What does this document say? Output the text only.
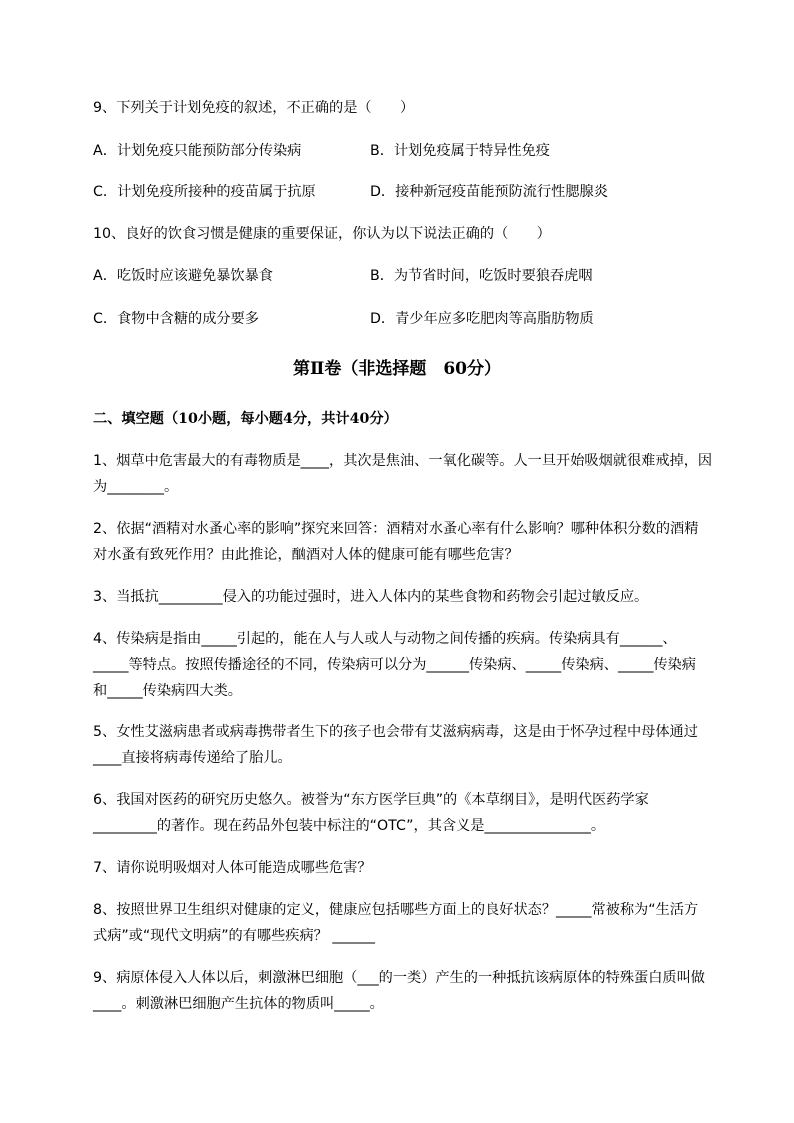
9、下列关于计划免疫的叙述，不正确的是（　　）
A．计划免疫只能预防部分传染病	B．计划免疫属于特异性免疫
C．计划免疫所接种的疫苗属于抗原	D．接种新冠疫苗能预防流行性腮腺炎
10、良好的饮食习惯是健康的重要保证，你认为以下说法正确的（　　）
A．吃饭时应该避免暴饮暴食	B．为节省时间，吃饭时要狼吞虎咽
C．食物中含糖的成分要多	D．青少年应多吃肥肉等高脂肪物质
第Ⅱ卷（非选择题　60分）
二、填空题（10小题，每小题4分，共计40分）
1、烟草中危害最大的有毒物质是____，其次是焦油、一氧化碳等。人一旦开始吸烟就很难戒掉，因
为________。
2、依据“酒精对水蚤心率的影响”探究来回答：酒精对水蚤心率有什么影响？哪种体积分数的酒精
对水蚤有致死作用？由此推论，酗酒对人体的健康可能有哪些危害？
3、当抵抗_________侵入的功能过强时，进入人体内的某些食物和药物会引起过敏反应。
4、传染病是指由_____引起的，能在人与人或人与动物之间传播的疾病。传染病具有______、
_____等特点。按照传播途径的不同，传染病可以分为______传染病、_____传染病、_____传染病
和_____传染病四大类。
5、女性艾滋病患者或病毒携带者生下的孩子也会带有艾滋病病毒，这是由于怀孕过程中母体通过
____直接将病毒传递给了胎儿。
6、我国对医药的研究历史悠久。被誉为“东方医学巨典”的《本草纲目》，是明代医药学家
_________的著作。现在药品外包装中标注的“OTC”，其含义是_______________。
7、请你说明吸烟对人体可能造成哪些危害？
8、按照世界卫生组织对健康的定义，健康应包括哪些方面上的良好状态？_____常被称为“生活方
式病”或“现代文明病”的有哪些疾病？ ______
9、病原体侵入人体以后，刺激淋巴细胞（___的一类）产生的一种抵抗该病原体的特殊蛋白质叫做
____。刺激淋巴细胞产生抗体的物质叫_____。
